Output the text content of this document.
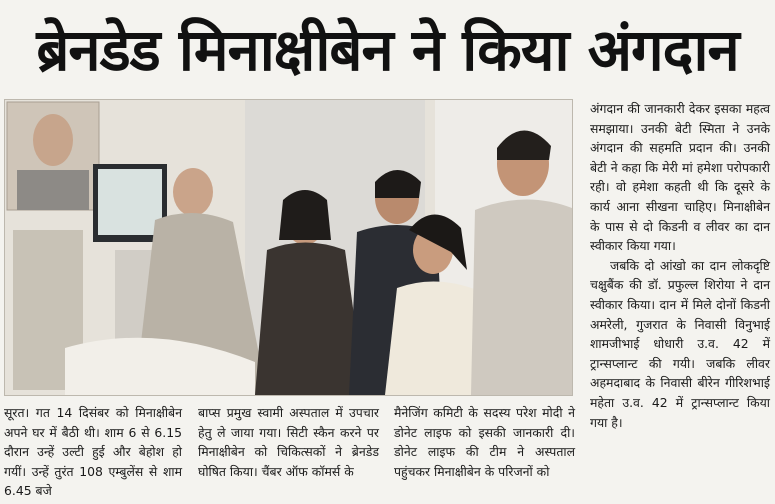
ब्रेनडेड मिनाक्षीबेन ने किया अंगदान

सूरत। गत 14 दिसंबर को मिनाक्षीबेन अपने घर में बैठी थी। शाम 6 से 6.15 दौरान उन्हें उल्टी हुई और बेहोश हो गयीं। उन्हें तुरंत 108 एम्बुलेंस से शाम 6.45 बजे

बाप्स प्रमुख स्वामी अस्पताल में उपचार हेतु ले जाया गया। सिटी स्कैन करने पर मिनाक्षीबेन को चिकित्सकों ने ब्रेनडेड घोषित किया। चैंबर ऑफ कॉमर्स के

मैनेजिंग कमिटी के सदस्य परेश मोदी ने डोनेट लाइफ को इसकी जानकारी दी। डोनेट लाइफ की टीम ने अस्पताल पहुंचकर मिनाक्षीबेन के परिजनों को

अंगदान की जानकारी देकर इसका महत्व समझाया। उनकी बेटी स्मिता ने उनके अंगदान की सहमति प्रदान की। उनकी बेटी ने कहा कि मेरी मां हमेशा परोपकारी रही। वो हमेशा कहती थी कि दूसरे के कार्य आना सीखना चाहिए। मिनाक्षीबेन के पास से दो किडनी व लीवर का दान स्वीकार किया गया।

जबकि दो आंखो का दान लोकदृष्टि चक्षुबैंक की डॉ. प्रफुल्ल शिरोया ने दान स्वीकार किया। दान में मिले दोनों किडनी अमरेली, गुजरात के निवासी विनुभाई शामजीभाई धोधारी उ.व. 42 में ट्रान्सप्लान्ट की गयी। जबकि लीवर अहमदाबाद के निवासी बीरेन गीरिशभाई महेता उ.व. 42 में ट्रान्सप्लान्ट किया गया है।
